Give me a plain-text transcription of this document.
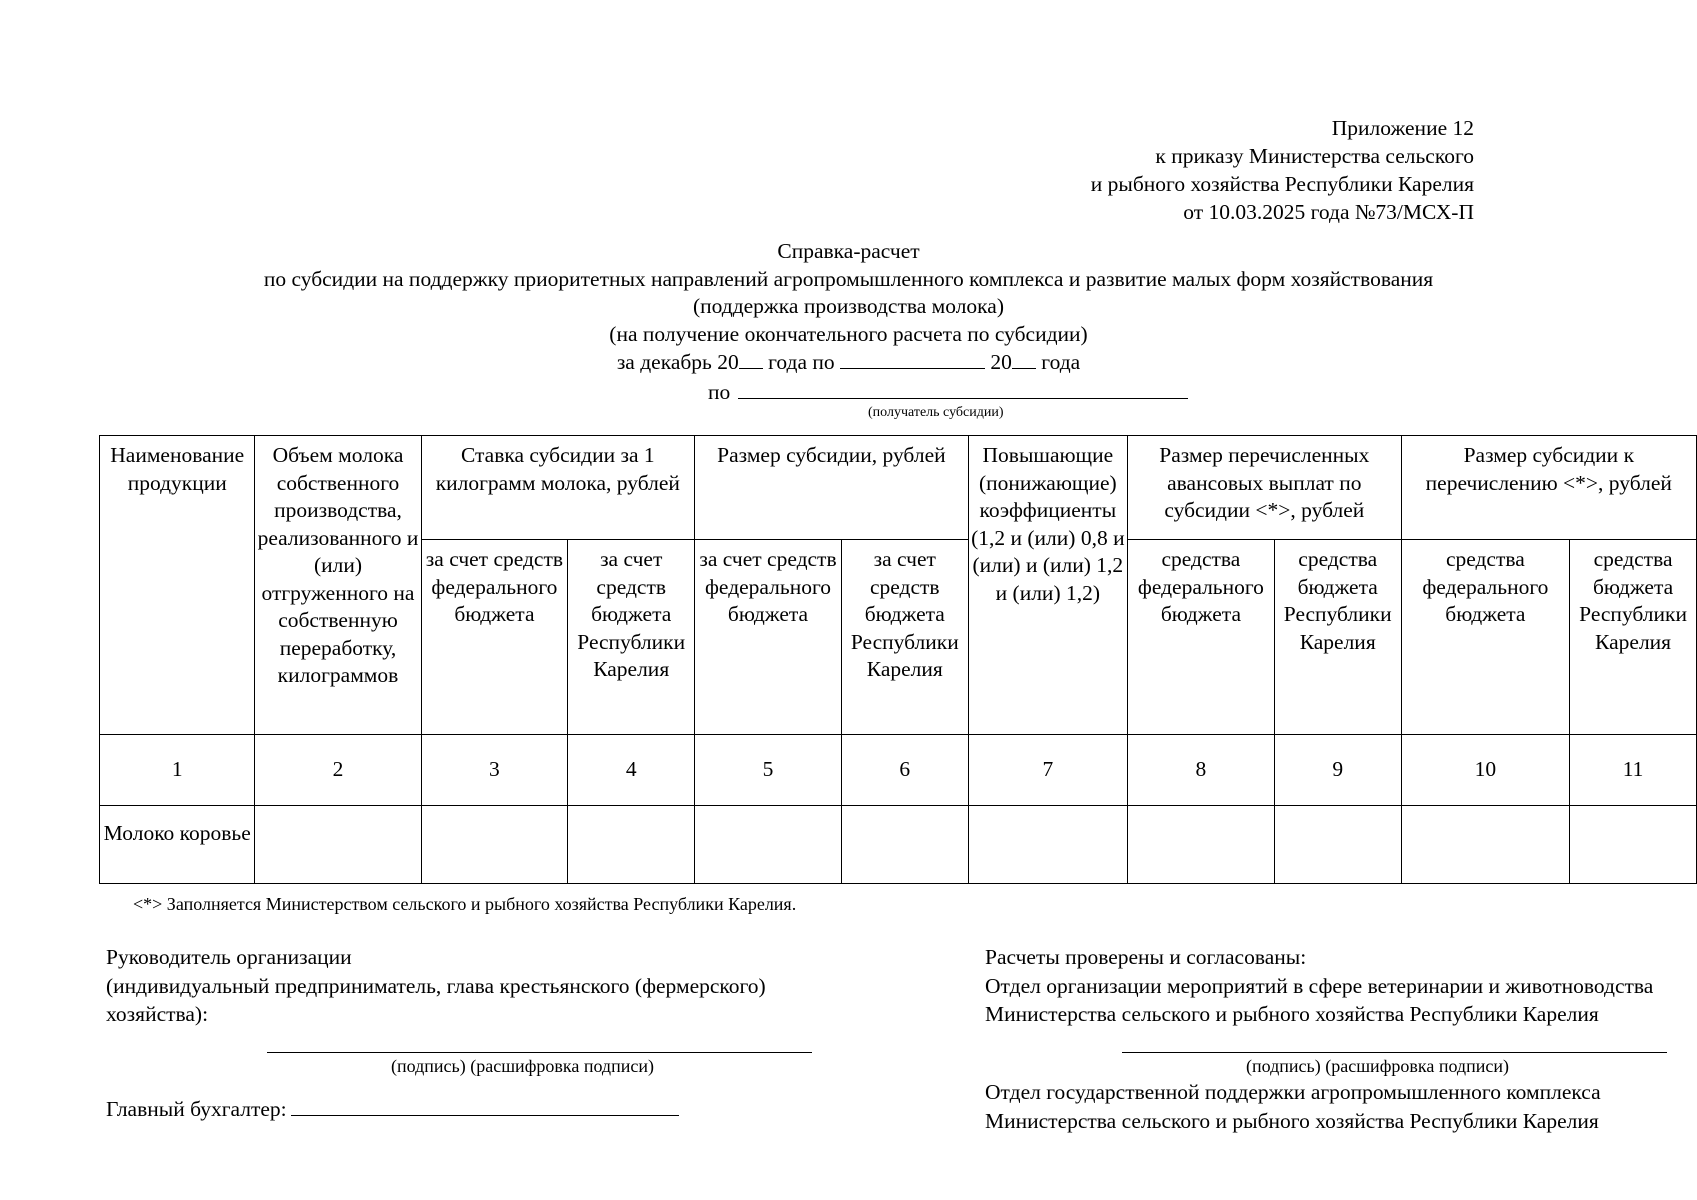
Приложение 12
к приказу Министерства сельского
и рыбного хозяйства Республики Карелия
от 10.03.2025 года №73/МСХ-П
Справка-расчет
по субсидии на поддержку приоритетных направлений агропромышленного комплекса и развитие малых форм хозяйствования
(поддержка производства молока)
(на получение окончательного расчета по субсидии)
за декабрь 20 года по	20 года
по
(получатель субсидии)
Наименование продукции	Объем молока собственного производства, реализованного и (или) отгруженного на собственную переработку, килограммов	Ставка субсидии за 1 килограмм молока, рублей		Размер субсидии, рублей		Повышающие (понижающие) коэффициенты (1,2 и (или) 0,8 и (или) и (или) 1,2 и (или) 1,2)	Размер перечисленных авансовых выплат по субсидии <*>, рублей		Размер субсидии к перечислению <*>, рублей	
		за счет средств федерального бюджета	за счет средств бюджета Республики Карелия	за счет средств федерального бюджета	за счет средств бюджета Республики Карелия		средства федерального бюджета	средства бюджета Республики Карелия	средства федерального бюджета	средства бюджета Республики Карелия
1	2	3	4	5	6	7	8	9	10	11
Молоко коровье										
<*> Заполняется Министерством сельского и рыбного хозяйства Республики Карелия.
Руководитель организации
(индивидуальный предприниматель, глава крестьянского (фермерского)
хозяйства):
(подпись) (расшифровка подписи)
Главный бухгалтер:
Расчеты проверены и согласованы:
Отдел организации мероприятий в сфере ветеринарии и животноводства
Министерства сельского и рыбного хозяйства Республики Карелия
(подпись) (расшифровка подписи)
Отдел государственной поддержки агропромышленного комплекса
Министерства сельского и рыбного хозяйства Республики Карелия
